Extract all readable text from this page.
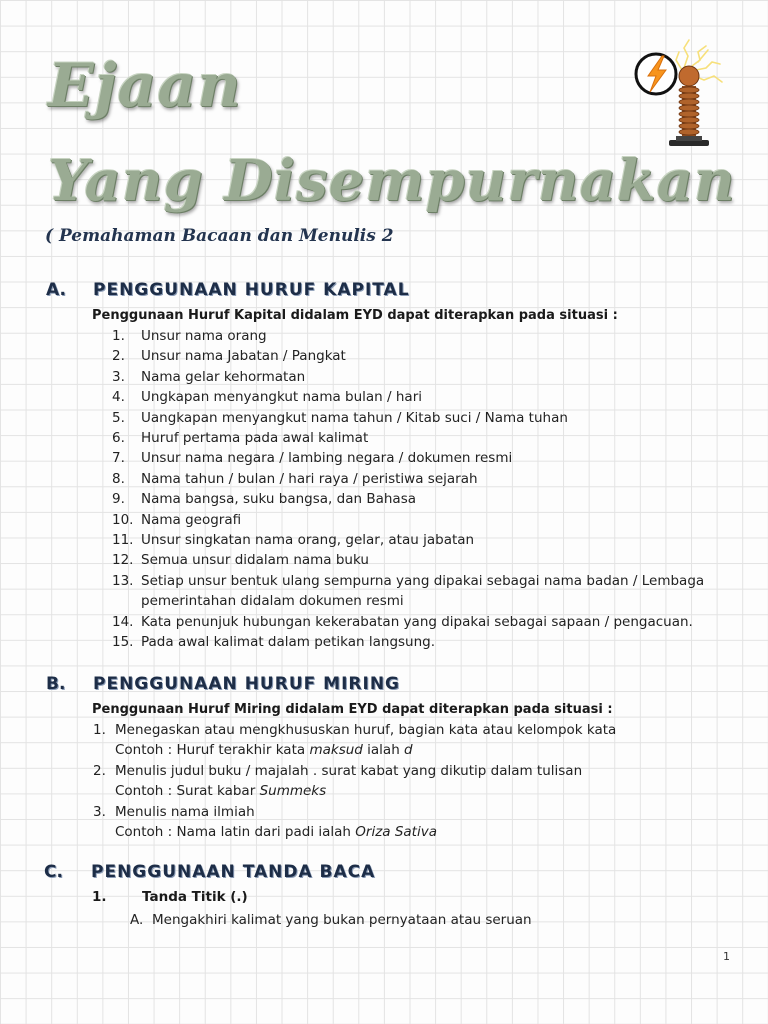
Ejaan
Yang Disempurnakan

( Pemahaman Bacaan dan Menulis 2

A. PENGGUNAAN HURUF KAPITAL

Penggunaan Huruf Kapital didalam EYD dapat diterapkan pada situasi :

1. Unsur nama orang
2. Unsur nama Jabatan / Pangkat
3. Nama gelar kehormatan
4. Ungkapan menyangkut nama bulan / hari
5. Uangkapan menyangkut nama tahun / Kitab suci / Nama tuhan
6. Huruf pertama pada awal kalimat
7. Unsur nama negara / lambing negara / dokumen resmi
8. Nama tahun / bulan / hari raya / peristiwa sejarah
9. Nama bangsa, suku bangsa, dan Bahasa
10. Nama geografi
11. Unsur singkatan nama orang, gelar, atau jabatan
12. Semua unsur didalam nama buku
13. Setiap unsur bentuk ulang sempurna yang dipakai sebagai nama badan / Lembaga
pemerintahan didalam dokumen resmi
14. Kata penunjuk hubungan kekerabatan yang dipakai sebagai sapaan / pengacuan.
15. Pada awal kalimat dalam petikan langsung.
B. PENGGUNAAN HURUF MIRING

Penggunaan Huruf Miring didalam EYD dapat diterapkan pada situasi :

1. Menegaskan atau mengkhususkan huruf, bagian kata atau kelompok kata
Contoh : Huruf terakhir kata maksud ialah d
2. Menulis judul buku / majalah . surat kabat yang dikutip dalam tulisan
Contoh : Surat kabar Summeks
3. Menulis nama ilmiah
Contoh : Nama latin dari padi ialah Oriza Sativa
C. PENGGUNAAN TANDA BACA

1.	Tanda Titik (.)

A. Mengakhiri kalimat yang bukan pernyataan atau seruan

1
